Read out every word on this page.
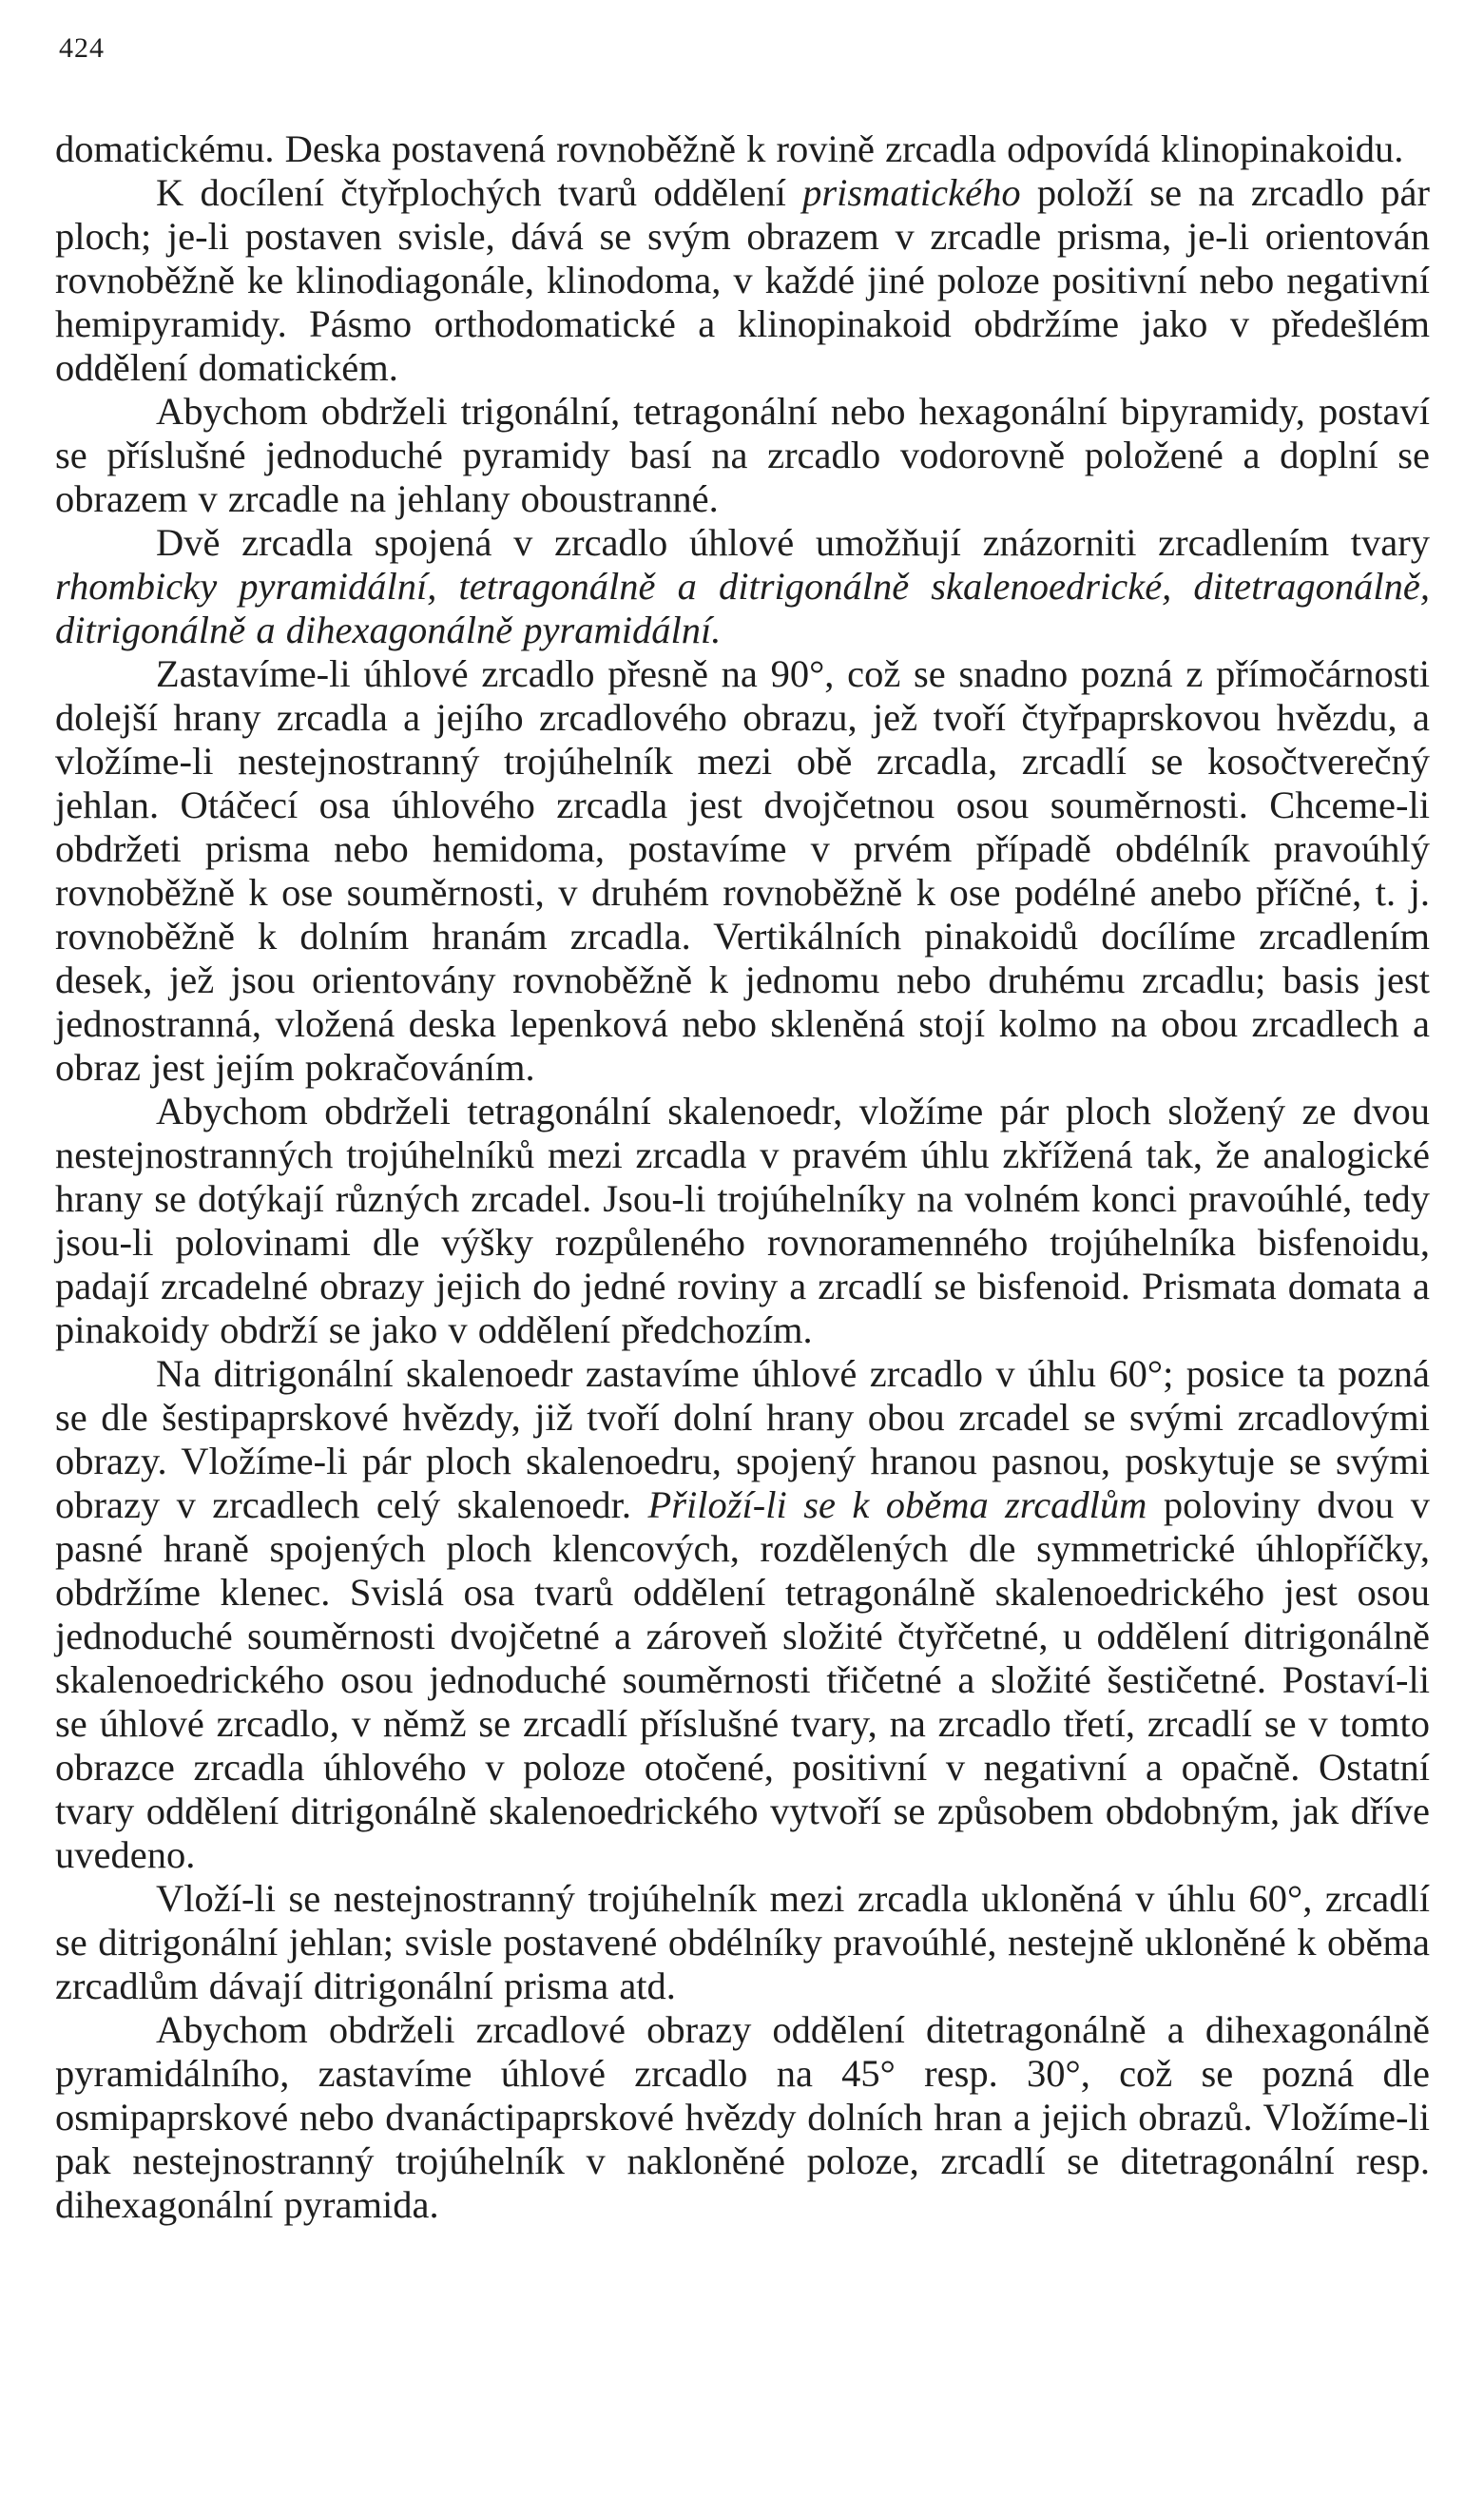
424

domatickému. Deska postavená rovnoběžně k rovině zrcadla odpovídá klinopinakoidu.

K docílení čtyřplochých tvarů oddělení prismatického položí se na zrcadlo pár ploch; je-li postaven svisle, dává se svým obrazem v zrcadle prisma, je-li orientován rovnoběžně ke klinodiagonále, klinodoma, v každé jiné poloze positivní nebo negativní hemipyramidy. Pásmo orthodomatické a klinopinakoid obdržíme jako v předešlém oddělení domatickém.

Abychom obdrželi trigonální, tetragonální nebo hexagonální bipyramidy, postaví se příslušné jednoduché pyramidy basí na zrcadlo vodorovně položené a doplní se obrazem v zrcadle na jehlany oboustranné.

Dvě zrcadla spojená v zrcadlo úhlové umožňují znázorniti zrcadlením tvary rhombicky pyramidální, tetragonálně a ditrigonálně skalenoedrické, ditetragonálně, ditrigonálně a dihexagonálně pyramidální.

Zastavíme-li úhlové zrcadlo přesně na 90°, což se snadno pozná z přímočárnosti dolejší hrany zrcadla a jejího zrcadlového obrazu, jež tvoří čtyřpaprskovou hvězdu, a vložíme-li nestejnostranný trojúhelník mezi obě zrcadla, zrcadlí se kosočtverečný jehlan. Otáčecí osa úhlového zrcadla jest dvojčetnou osou souměrnosti. Chceme-li obdržeti prisma nebo hemidoma, postavíme v prvém případě obdélník pravoúhlý rovnoběžně k ose souměrnosti, v druhém rovnoběžně k ose podélné anebo příčné, t. j. rovnoběžně k dolním hranám zrcadla. Vertikálních pinakoidů docílíme zrcadlením desek, jež jsou orientovány rovnoběžně k jednomu nebo druhému zrcadlu; basis jest jednostranná, vložená deska lepenková nebo skleněná stojí kolmo na obou zrcadlech a obraz jest jejím pokračováním.

Abychom obdrželi tetragonální skalenoedr, vložíme pár ploch složený ze dvou nestejnostranných trojúhelníků mezi zrcadla v pravém úhlu zkřížená tak, že analogické hrany se dotýkají různých zrcadel. Jsou-li trojúhelníky na volném konci pravoúhlé, tedy jsou-li polovinami dle výšky rozpůleného rovnoramenného trojúhelníka bisfenoidu, padají zrcadelné obrazy jejich do jedné roviny a zrcadlí se bisfenoid. Prismata domata a pinakoidy obdrží se jako v oddělení předchozím.

Na ditrigonální skalenoedr zastavíme úhlové zrcadlo v úhlu 60°; posice ta pozná se dle šestipaprskové hvězdy, již tvoří dolní hrany obou zrcadel se svými zrcadlovými obrazy. Vložíme-li pár ploch skalenoedru, spojený hranou pasnou, poskytuje se svými obrazy v zrcadlech celý skalenoedr. Přiloží-li se k oběma zrcadlům poloviny dvou v pasné hraně spojených ploch klencových, rozdělených dle symmetrické úhlopříčky, obdržíme klenec. Svislá osa tvarů oddělení tetragonálně skalenoedrického jest osou jednoduché souměrnosti dvojčetné a zároveň složité čtyřčetné, u oddělení ditrigonálně skalenoedrického osou jednoduché souměrnosti třičetné a složité šestičetné. Postaví-li se úhlové zrcadlo, v němž se zrcadlí příslušné tvary, na zrcadlo třetí, zrcadlí se v tomto obrazce zrcadla úhlového v poloze otočené, positivní v negativní a opačně. Ostatní tvary oddělení ditrigonálně skalenoedrického vytvoří se způsobem obdobným, jak dříve uvedeno.

Vloží-li se nestejnostranný trojúhelník mezi zrcadla ukloněná v úhlu 60°, zrcadlí se ditrigonální jehlan; svisle postavené obdélníky pravoúhlé, nestejně ukloněné k oběma zrcadlům dávají ditrigonální prisma atd.

Abychom obdrželi zrcadlové obrazy oddělení ditetragonálně a dihexagonálně pyramidálního, zastavíme úhlové zrcadlo na 45° resp. 30°, což se pozná dle osmipaprskové nebo dvanáctipaprskové hvězdy dolních hran a jejich obrazů. Vložíme-li pak nestejnostranný trojúhelník v nakloněné poloze, zrcadlí se ditetragonální resp. dihexagonální pyramida.
